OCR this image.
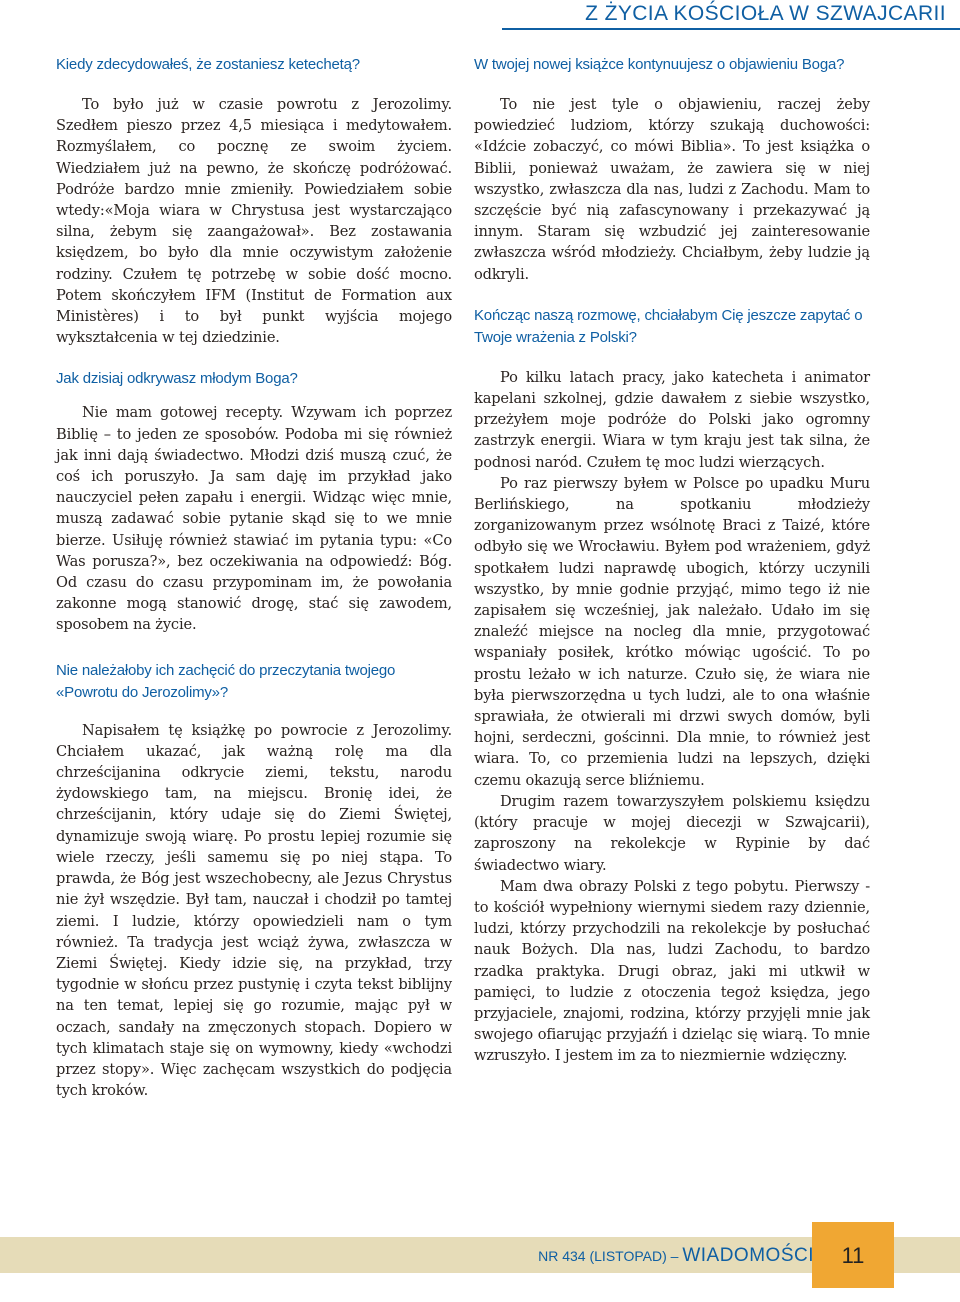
Z ŻYCIA KOŚCIOŁA W SZWAJCARII

Kiedy zdecydowałeś, że zostaniesz ketechetą?

To było już w czasie powrotu z Jerozolimy. Szedłem pieszo przez 4,5 miesiąca i medytowałem. Rozmyślałem, co pocznę ze swoim życiem. Wiedziałem już na pewno, że skończę podróżować. Podróże bardzo mnie zmieniły. Powiedziałem sobie wtedy:«Moja wiara w Chrystusa jest wystarczająco silna, żebym się zaangażował». Bez zostawania księdzem, bo było dla mnie oczywistym założenie rodziny. Czułem tę potrzebę w sobie dość mocno. Potem skończyłem IFM (Institut de Formation aux Ministères) i to był punkt wyjścia mojego wykształcenia w tej dziedzinie.

Jak dzisiaj odkrywasz młodym Boga?

Nie mam gotowej recepty. Wzywam ich poprzez Biblię – to jeden ze sposobów. Podoba mi się również jak inni dają świadectwo. Młodzi dziś muszą czuć, że coś ich poruszyło. Ja sam daję im przykład jako nauczyciel pełen zapału i energii. Widząc więc mnie, muszą zadawać sobie pytanie skąd się to we mnie bierze. Usiłuję również stawiać im pytania typu: «Co Was porusza?», bez oczekiwania na odpowiedź: Bóg. Od czasu do czasu przypominam im, że powołania zakonne mogą stanowić drogę, stać się zawodem, sposobem na życie.

Nie należałoby ich zachęcić do przeczytania twojego «Powrotu do Jerozolimy»?

Napisałem tę książkę po powrocie z Jerozolimy. Chciałem ukazać, jak ważną rolę ma dla chrześcijanina odkrycie ziemi, tekstu, narodu żydowskiego tam, na miejscu. Bronię idei, że chrześcijanin, który udaje się do Ziemi Świętej, dynamizuje swoją wiarę. Po prostu lepiej rozumie się wiele rzeczy, jeśli samemu się po niej stąpa. To prawda, że Bóg jest wszechobecny, ale Jezus Chrystus nie żył wszędzie. Był tam, nauczał i chodził po tamtej ziemi. I ludzie, którzy opowiedzieli nam o tym również. Ta tradycja jest wciąż żywa, zwłaszcza w Ziemi Świętej. Kiedy idzie się, na przykład, trzy tygodnie w słońcu przez pustynię i czyta tekst biblijny na ten temat, lepiej się go rozumie, mając pył w oczach, sandały na zmęczonych stopach. Dopiero w tych klimatach staje się on wymowny, kiedy «wchodzi przez stopy». Więc zachęcam wszystkich do podjęcia tych kroków.

W twojej nowej książce kontynuujesz o objawieniu Boga?

To nie jest tyle o objawieniu, raczej żeby powiedzieć ludziom, którzy szukają duchowości: «Idźcie zobaczyć, co mówi Biblia». To jest książka o Biblii, ponieważ uważam, że zawiera się w niej wszystko, zwłaszcza dla nas, ludzi z Zachodu. Mam to szczęście być nią zafascynowany i przekazywać ją innym. Staram się wzbudzić jej zainteresowanie zwłaszcza wśród młodzieży. Chciałbym, żeby ludzie ją odkryli.

Kończąc naszą rozmowę, chciałabym Cię jeszcze zapytać o Twoje wrażenia z Polski?

Po kilku latach pracy, jako katecheta i animator kapelani szkolnej, gdzie dawałem z siebie wszystko, przeżyłem moje podróże do Polski jako ogromny zastrzyk energii. Wiara w tym kraju jest tak silna, że podnosi naród. Czułem tę moc ludzi wierzących.

Po raz pierwszy byłem w Polsce po upadku Muru Berlińskiego, na spotkaniu młodzieży zorganizowanym przez wsólnotę Braci z Taizé, które odbyło się we Wrocławiu. Byłem pod wrażeniem, gdyż spotkałem ludzi naprawdę ubogich, którzy uczynili wszystko, by mnie godnie przyjąć, mimo tego iż nie zapisałem się wcześniej, jak należało. Udało im się znaleźć miejsce na nocleg dla mnie, przygotować wspaniały posiłek, krótko mówiąc ugościć. To po prostu leżało w ich naturze. Czuło się, że wiara nie była pierwszorzędna u tych ludzi, ale to ona właśnie sprawiała, że otwierali mi drzwi swych domów, byli hojni, serdeczni, gościnni. Dla mnie, to również jest wiara. To, co przemienia ludzi na lepszych, dzięki czemu okazują serce bliźniemu.

Drugim razem towarzyszyłem polskiemu księdzu (który pracuje w mojej diecezji w Szwajcarii), zaproszony na rekolekcje w Rypinie by dać świadectwo wiary.

Mam dwa obrazy Polski z tego pobytu. Pierwszy - to kościół wypełniony wiernymi siedem razy dziennie, ludzi, którzy przychodzili na rekolekcje by posłuchać nauk Bożych. Dla nas, ludzi Zachodu, to bardzo rzadka praktyka. Drugi obraz, jaki mi utkwił w pamięci, to ludzie z otoczenia tegoż księdza, jego przyjaciele, znajomi, rodzina, którzy przyjęli mnie jak swojego ofiarując przyjaźń i dzieląc się wiarą. To mnie wzruszyło. I jestem im za to niezmiernie wdzięczny.

NR 434 (LISTOPAD) – WIADOMOŚCI	11
